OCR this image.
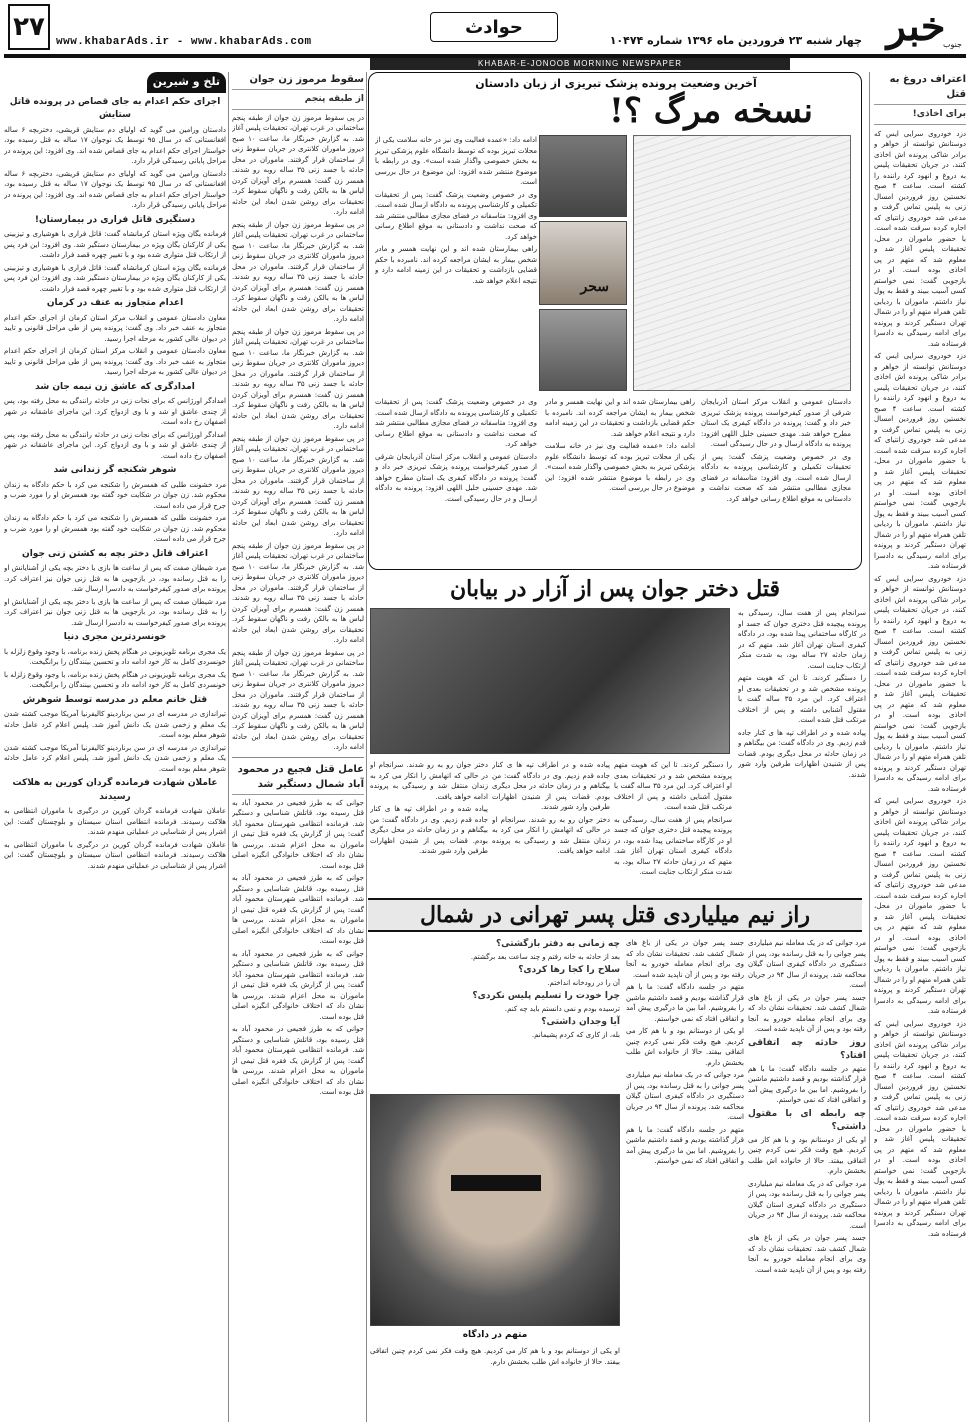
۲۷	www.khabarAds.ir - www.khabarAds.com
حوادث	خبر
جنوب
چهار شنبه ۲۳ فروردین ماه ۱۳۹۶ شماره ۱۰۴۷۴
KHABAR-E-JONOOB MORNING NEWSPAPER
اعتراف دروغ به قتل
برای اخاذی!

دزد خودروی سرایی ایس که دوستانش توانسته از خواهر و برادر شاکی پرونده اش اخاذی کنند، در جریان تحقیقات پلیس به دروغ و انهود کرد راننده را کشته است. ساعت ۴ صبح نخستین روز فروردین امسال زنی به پلیس تماس گرفت و مدعی شد خودروی زانتیای که اجاره کرده سرقت شده است. با حضور ماموران در محل، تحقیقات پلیس آغاز شد و معلوم شد که متهم در پی اخاذی بوده است. او در بازجویی گفت: نمی خواستم کسی آسیب ببیند و فقط به پول نیاز داشتم. ماموران با ردیابی تلفن همراه متهم او را در شمال تهران دستگیر کردند و پرونده برای ادامه رسیدگی به دادسرا فرستاده شد.

دزد خودروی سرایی ایس که دوستانش توانسته از خواهر و برادر شاکی پرونده اش اخاذی کنند، در جریان تحقیقات پلیس به دروغ و انهود کرد راننده را کشته است. ساعت ۴ صبح نخستین روز فروردین امسال زنی به پلیس تماس گرفت و مدعی شد خودروی زانتیای که اجاره کرده سرقت شده است. با حضور ماموران در محل، تحقیقات پلیس آغاز شد و معلوم شد که متهم در پی اخاذی بوده است. او در بازجویی گفت: نمی خواستم کسی آسیب ببیند و فقط به پول نیاز داشتم. ماموران با ردیابی تلفن همراه متهم او را در شمال تهران دستگیر کردند و پرونده برای ادامه رسیدگی به دادسرا فرستاده شد.

دزد خودروی سرایی ایس که دوستانش توانسته از خواهر و برادر شاکی پرونده اش اخاذی کنند، در جریان تحقیقات پلیس به دروغ و انهود کرد راننده را کشته است. ساعت ۴ صبح نخستین روز فروردین امسال زنی به پلیس تماس گرفت و مدعی شد خودروی زانتیای که اجاره کرده سرقت شده است. با حضور ماموران در محل، تحقیقات پلیس آغاز شد و معلوم شد که متهم در پی اخاذی بوده است. او در بازجویی گفت: نمی خواستم کسی آسیب ببیند و فقط به پول نیاز داشتم. ماموران با ردیابی تلفن همراه متهم او را در شمال تهران دستگیر کردند و پرونده برای ادامه رسیدگی به دادسرا فرستاده شد.

دزد خودروی سرایی ایس که دوستانش توانسته از خواهر و برادر شاکی پرونده اش اخاذی کنند، در جریان تحقیقات پلیس به دروغ و انهود کرد راننده را کشته است. ساعت ۴ صبح نخستین روز فروردین امسال زنی به پلیس تماس گرفت و مدعی شد خودروی زانتیای که اجاره کرده سرقت شده است. با حضور ماموران در محل، تحقیقات پلیس آغاز شد و معلوم شد که متهم در پی اخاذی بوده است. او در بازجویی گفت: نمی خواستم کسی آسیب ببیند و فقط به پول نیاز داشتم. ماموران با ردیابی تلفن همراه متهم او را در شمال تهران دستگیر کردند و پرونده برای ادامه رسیدگی به دادسرا فرستاده شد.

دزد خودروی سرایی ایس که دوستانش توانسته از خواهر و برادر شاکی پرونده اش اخاذی کنند، در جریان تحقیقات پلیس به دروغ و انهود کرد راننده را کشته است. ساعت ۴ صبح نخستین روز فروردین امسال زنی به پلیس تماس گرفت و مدعی شد خودروی زانتیای که اجاره کرده سرقت شده است. با حضور ماموران در محل، تحقیقات پلیس آغاز شد و معلوم شد که متهم در پی اخاذی بوده است. او در بازجویی گفت: نمی خواستم کسی آسیب ببیند و فقط به پول نیاز داشتم. ماموران با ردیابی تلفن همراه متهم او را در شمال تهران دستگیر کردند و پرونده برای ادامه رسیدگی به دادسرا فرستاده شد.

آخرین وضعیت پرونده پزشک تبریزی از زبان دادستان
نسخه مرگ ؟!
سحر

ادامه داد: «عمده فعالیت وی نیز در خانه سلامت یکی از محلات تبریز بوده که توسط دانشگاه علوم پزشکی تبریز به بخش خصوصی واگذار شده است». وی در رابطه با موضوع منتشر شده افزود: این موضوع در حال بررسی است.

وی در خصوص وضعیت پزشک گفت: پس از تحقیقات تکمیلی و کارشناسی پرونده به دادگاه ارسال شده است. وی افزود: متاسفانه در فضای مجازی مطالبی منتشر شد که صحت نداشت و دادستانی به موقع اطلاع رسانی خواهد کرد.

راهی بیمارستان شده اند و این نهایت همسر و مادر شخص بیمار به ایشان مراجعه کرده اند. نامبرده با حکم قضایی بازداشت و تحقیقات در این زمینه ادامه دارد و نتیجه اعلام خواهد شد.

دادستان عمومی و انقلاب مرکز استان آذربایجان شرقی از صدور کیفرخواست پرونده پزشک تبریزی خبر داد و گفت: پرونده در دادگاه کیفری یک استان مطرح خواهد شد. مهدی حسینی خلیل اللهی افزود: پرونده به دادگاه ارسال و در حال رسیدگی است.

وی در خصوص وضعیت پزشک گفت: پس از تحقیقات تکمیلی و کارشناسی پرونده به دادگاه ارسال شده است. وی افزود: متاسفانه در فضای مجازی مطالبی منتشر شد که صحت نداشت و دادستانی به موقع اطلاع رسانی خواهد کرد.

راهی بیمارستان شده اند و این نهایت همسر و مادر شخص بیمار به ایشان مراجعه کرده اند. نامبرده با حکم قضایی بازداشت و تحقیقات در این زمینه ادامه دارد و نتیجه اعلام خواهد شد.

ادامه داد: «عمده فعالیت وی نیز در خانه سلامت یکی از محلات تبریز بوده که توسط دانشگاه علوم پزشکی تبریز به بخش خصوصی واگذار شده است». وی در رابطه با موضوع منتشر شده افزود: این موضوع در حال بررسی است.

وی در خصوص وضعیت پزشک گفت: پس از تحقیقات تکمیلی و کارشناسی پرونده به دادگاه ارسال شده است. وی افزود: متاسفانه در فضای مجازی مطالبی منتشر شد که صحت نداشت و دادستانی به موقع اطلاع رسانی خواهد کرد.

دادستان عمومی و انقلاب مرکز استان آذربایجان شرقی از صدور کیفرخواست پرونده پزشک تبریزی خبر داد و گفت: پرونده در دادگاه کیفری یک استان مطرح خواهد شد. مهدی حسینی خلیل اللهی افزود: پرونده به دادگاه ارسال و در حال رسیدگی است.

قتل دختر جوان پس از آزار در بیابان

سرانجام پس از هفت سال، رسیدگی به پرونده پیچیده قتل دختری جوان که جسد او در کارگاه ساختمانی پیدا شده بود، در دادگاه کیفری استان تهران آغاز شد. متهم که در زمان حادثه ۲۷ ساله بود، به شدت منکر ارتکاب جنایت است.

را دستگیر کردند. تا این که هویت متهم پرونده مشخص شد و در تحقیقات بعدی او اعتراف کرد. این مرد ۳۵ ساله گفت با مقتول آشنایی داشته و پس از اختلاف مرتکب قتل شده است.

پیاده شده و در اطراف تپه ها ی کنار جاده قدم زدیم. وی در دادگاه گفت: من بیگناهم و در زمان حادثه در محل دیگری بودم. قضات پس از شنیدن اظهارات طرفین وارد شور شدند.

دختر جوان رو به رو شدند. سرانجام او در حالی که اتهامش را انکار می کرد به زندان منتقل شد و رسیدگی به پرونده ادامه خواهد یافت.

پیاده شده و در اطراف تپه ها ی کنار جاده قدم زدیم. وی در دادگاه گفت: من بیگناهم و در زمان حادثه در محل دیگری بودم. قضات پس از شنیدن اظهارات طرفین وارد شور شدند.

پیاده شده و در اطراف تپه ها ی کنار جاده قدم زدیم. وی در دادگاه گفت: من بیگناهم و در زمان حادثه در محل دیگری بودم. قضات پس از شنیدن اظهارات طرفین وارد شور شدند.

دختر جوان رو به رو شدند. سرانجام او در حالی که اتهامش را انکار می کرد به زندان منتقل شد و رسیدگی به پرونده ادامه خواهد یافت.

را دستگیر کردند. تا این که هویت متهم پرونده مشخص شد و در تحقیقات بعدی او اعتراف کرد. این مرد ۳۵ ساله گفت با مقتول آشنایی داشته و پس از اختلاف مرتکب قتل شده است.

سرانجام پس از هفت سال، رسیدگی به پرونده پیچیده قتل دختری جوان که جسد او در کارگاه ساختمانی پیدا شده بود، در دادگاه کیفری استان تهران آغاز شد. متهم که در زمان حادثه ۲۷ ساله بود، به شدت منکر ارتکاب جنایت است.

راز نیم میلیاردی قتل پسر تهرانی در شمال

مرد جوانی که در یک معامله نیم میلیاردی پسر جوانی را به قتل رسانده بود، پس از دستگیری در دادگاه کیفری استان گیلان محاکمه شد. پرونده از سال ۹۴ در جریان است.

جسد پسر جوان در یکی از باغ های شمال کشف شد. تحقیقات نشان داد که وی برای انجام معامله خودرو به آنجا رفته بود و پس از آن ناپدید شده است.

روز حادثه چه اتفاقی افتاد؟

متهم در جلسه دادگاه گفت: ما با هم قرار گذاشته بودیم و قصد داشتیم ماشین را بفروشیم. اما بین ما درگیری پیش آمد و اتفاقی افتاد که نمی خواستم.

چه رابطه ای با مقتول داشتی؟

او یکی از دوستانم بود و با هم کار می کردیم. هیچ وقت فکر نمی کردم چنین اتفاقی بیفتد. حالا از خانواده اش طلب بخشش دارم.

مرد جوانی که در یک معامله نیم میلیاردی پسر جوانی را به قتل رسانده بود، پس از دستگیری در دادگاه کیفری استان گیلان محاکمه شد. پرونده از سال ۹۴ در جریان است.

جسد پسر جوان در یکی از باغ های شمال کشف شد. تحقیقات نشان داد که وی برای انجام معامله خودرو به آنجا رفته بود و پس از آن ناپدید شده است.

جسد پسر جوان در یکی از باغ های شمال کشف شد. تحقیقات نشان داد که وی برای انجام معامله خودرو به آنجا رفته بود و پس از آن ناپدید شده است.

متهم در جلسه دادگاه گفت: ما با هم قرار گذاشته بودیم و قصد داشتیم ماشین را بفروشیم. اما بین ما درگیری پیش آمد و اتفاقی افتاد که نمی خواستم.

او یکی از دوستانم بود و با هم کار می کردیم. هیچ وقت فکر نمی کردم چنین اتفاقی بیفتد. حالا از خانواده اش طلب بخشش دارم.

مرد جوانی که در یک معامله نیم میلیاردی پسر جوانی را به قتل رسانده بود، پس از دستگیری در دادگاه کیفری استان گیلان محاکمه شد. پرونده از سال ۹۴ در جریان است.

متهم در جلسه دادگاه گفت: ما با هم قرار گذاشته بودیم و قصد داشتیم ماشین را بفروشیم. اما بین ما درگیری پیش آمد و اتفاقی افتاد که نمی خواستم.

چه زمانی به دفتر بازگشتی؟

بعد از حادثه به خانه رفتم و چند ساعت بعد برگشتم.

سلاح را کجا رها کردی؟

آن را در رودخانه انداختم.

چرا خودت را تسلیم پلیس نکردی؟

ترسیده بودم و نمی دانستم باید چه کنم.

آیا وجدان داشتی؟

بله، از کاری که کردم پشیمانم.

متهم در دادگاه

او یکی از دوستانم بود و با هم کار می کردیم. هیچ وقت فکر نمی کردم چنین اتفاقی بیفتد. حالا از خانواده اش طلب بخشش دارم.

سقوط مرموز زن جوان
از طبقه پنجم

در پی سقوط مرموز زن جوان از طبقه پنجم ساختمانی در غرب تهران، تحقیقات پلیس آغاز شد. به گزارش خبرنگار ما، ساعت ۱۰ صبح دیروز ماموران کلانتری در جریان سقوط زنی از ساختمان قرار گرفتند. ماموران در محل حادثه با جسد زنی ۳۵ ساله روبه رو شدند. همسر زن گفت: همسرم برای آویزان کردن لباس ها به بالکن رفت و ناگهان سقوط کرد. تحقیقات برای روشن شدن ابعاد این حادثه ادامه دارد.

در پی سقوط مرموز زن جوان از طبقه پنجم ساختمانی در غرب تهران، تحقیقات پلیس آغاز شد. به گزارش خبرنگار ما، ساعت ۱۰ صبح دیروز ماموران کلانتری در جریان سقوط زنی از ساختمان قرار گرفتند. ماموران در محل حادثه با جسد زنی ۳۵ ساله روبه رو شدند. همسر زن گفت: همسرم برای آویزان کردن لباس ها به بالکن رفت و ناگهان سقوط کرد. تحقیقات برای روشن شدن ابعاد این حادثه ادامه دارد.

در پی سقوط مرموز زن جوان از طبقه پنجم ساختمانی در غرب تهران، تحقیقات پلیس آغاز شد. به گزارش خبرنگار ما، ساعت ۱۰ صبح دیروز ماموران کلانتری در جریان سقوط زنی از ساختمان قرار گرفتند. ماموران در محل حادثه با جسد زنی ۳۵ ساله روبه رو شدند. همسر زن گفت: همسرم برای آویزان کردن لباس ها به بالکن رفت و ناگهان سقوط کرد. تحقیقات برای روشن شدن ابعاد این حادثه ادامه دارد.

در پی سقوط مرموز زن جوان از طبقه پنجم ساختمانی در غرب تهران، تحقیقات پلیس آغاز شد. به گزارش خبرنگار ما، ساعت ۱۰ صبح دیروز ماموران کلانتری در جریان سقوط زنی از ساختمان قرار گرفتند. ماموران در محل حادثه با جسد زنی ۳۵ ساله روبه رو شدند. همسر زن گفت: همسرم برای آویزان کردن لباس ها به بالکن رفت و ناگهان سقوط کرد. تحقیقات برای روشن شدن ابعاد این حادثه ادامه دارد.

در پی سقوط مرموز زن جوان از طبقه پنجم ساختمانی در غرب تهران، تحقیقات پلیس آغاز شد. به گزارش خبرنگار ما، ساعت ۱۰ صبح دیروز ماموران کلانتری در جریان سقوط زنی از ساختمان قرار گرفتند. ماموران در محل حادثه با جسد زنی ۳۵ ساله روبه رو شدند. همسر زن گفت: همسرم برای آویزان کردن لباس ها به بالکن رفت و ناگهان سقوط کرد. تحقیقات برای روشن شدن ابعاد این حادثه ادامه دارد.

در پی سقوط مرموز زن جوان از طبقه پنجم ساختمانی در غرب تهران، تحقیقات پلیس آغاز شد. به گزارش خبرنگار ما، ساعت ۱۰ صبح دیروز ماموران کلانتری در جریان سقوط زنی از ساختمان قرار گرفتند. ماموران در محل حادثه با جسد زنی ۳۵ ساله روبه رو شدند. همسر زن گفت: همسرم برای آویزان کردن لباس ها به بالکن رفت و ناگهان سقوط کرد. تحقیقات برای روشن شدن ابعاد این حادثه ادامه دارد.

عامل قتل فجیع در محمود آباد شمال دستگیر شد

جوانی که به طرز فجیعی در محمود آباد به قتل رسیده بود، قاتلش شناسایی و دستگیر شد. فرمانده انتظامی شهرستان محمود آباد گفت: پس از گزارش یک فقره قتل تیمی از ماموران به محل اعزام شدند. بررسی ها نشان داد که اختلاف خانوادگی انگیزه اصلی قتل بوده است.

جوانی که به طرز فجیعی در محمود آباد به قتل رسیده بود، قاتلش شناسایی و دستگیر شد. فرمانده انتظامی شهرستان محمود آباد گفت: پس از گزارش یک فقره قتل تیمی از ماموران به محل اعزام شدند. بررسی ها نشان داد که اختلاف خانوادگی انگیزه اصلی قتل بوده است.

جوانی که به طرز فجیعی در محمود آباد به قتل رسیده بود، قاتلش شناسایی و دستگیر شد. فرمانده انتظامی شهرستان محمود آباد گفت: پس از گزارش یک فقره قتل تیمی از ماموران به محل اعزام شدند. بررسی ها نشان داد که اختلاف خانوادگی انگیزه اصلی قتل بوده است.

جوانی که به طرز فجیعی در محمود آباد به قتل رسیده بود، قاتلش شناسایی و دستگیر شد. فرمانده انتظامی شهرستان محمود آباد گفت: پس از گزارش یک فقره قتل تیمی از ماموران به محل اعزام شدند. بررسی ها نشان داد که اختلاف خانوادگی انگیزه اصلی قتل بوده است.

تلخ و شیرین
اجرای حکم اعدام به جای قصاص در پرونده قاتل ستایش

دادستان ورامین می گوید که اولیای دم ستایش قریشی، دختربچه ۶ ساله افغانستانی که در سال ۹۵ توسط یک نوجوان ۱۷ ساله به قتل رسیده بود، خواستار اجرای حکم اعدام به جای قصاص شده اند. وی افزود: این پرونده در مراحل پایانی رسیدگی قرار دارد.

دادستان ورامین می گوید که اولیای دم ستایش قریشی، دختربچه ۶ ساله افغانستانی که در سال ۹۵ توسط یک نوجوان ۱۷ ساله به قتل رسیده بود، خواستار اجرای حکم اعدام به جای قصاص شده اند. وی افزود: این پرونده در مراحل پایانی رسیدگی قرار دارد.

دستگیری قاتل فراری در بیمارستان!

فرمانده یگان ویژه استان کرمانشاه گفت: قاتل فراری با هوشیاری و تیزبینی یکی از کارکنان یگان ویژه در بیمارستان دستگیر شد. وی افزود: این فرد پس از ارتکاب قتل متواری شده بود و با تغییر چهره قصد فرار داشت.

فرمانده یگان ویژه استان کرمانشاه گفت: قاتل فراری با هوشیاری و تیزبینی یکی از کارکنان یگان ویژه در بیمارستان دستگیر شد. وی افزود: این فرد پس از ارتکاب قتل متواری شده بود و با تغییر چهره قصد فرار داشت.

اعدام متجاوز به عنف در کرمان

معاون دادستان عمومی و انقلاب مرکز استان کرمان از اجرای حکم اعدام متجاوز به عنف خبر داد. وی گفت: پرونده پس از طی مراحل قانونی و تایید در دیوان عالی کشور به مرحله اجرا رسید.

معاون دادستان عمومی و انقلاب مرکز استان کرمان از اجرای حکم اعدام متجاوز به عنف خبر داد. وی گفت: پرونده پس از طی مراحل قانونی و تایید در دیوان عالی کشور به مرحله اجرا رسید.

امدادگری که عاشق زن نیمه جان شد

امدادگر اورژانس که برای نجات زنی در حادثه رانندگی به محل رفته بود، پس از چندی عاشق او شد و با وی ازدواج کرد. این ماجرای عاشقانه در شهر اصفهان رخ داده است.

امدادگر اورژانس که برای نجات زنی در حادثه رانندگی به محل رفته بود، پس از چندی عاشق او شد و با وی ازدواج کرد. این ماجرای عاشقانه در شهر اصفهان رخ داده است.

شوهر شکنجه گر زندانی شد

مرد خشونت طلبی که همسرش را شکنجه می کرد با حکم دادگاه به زندان محکوم شد. زن جوان در شکایت خود گفته بود همسرش او را مورد ضرب و جرح قرار می داده است.

مرد خشونت طلبی که همسرش را شکنجه می کرد با حکم دادگاه به زندان محکوم شد. زن جوان در شکایت خود گفته بود همسرش او را مورد ضرب و جرح قرار می داده است.

اعتراف قاتل دختر بچه به کشتن زنی جوان

مرد شیطان صفت که پس از ساعت ها بازی با دختر بچه یکی از آشنایانش او را به قتل رسانده بود، در بازجویی ها به قتل زنی جوان نیز اعتراف کرد. پرونده برای صدور کیفرخواست به دادسرا ارسال شد.

مرد شیطان صفت که پس از ساعت ها بازی با دختر بچه یکی از آشنایانش او را به قتل رسانده بود، در بازجویی ها به قتل زنی جوان نیز اعتراف کرد. پرونده برای صدور کیفرخواست به دادسرا ارسال شد.

خونسردترین مجری دنیا

یک مجری برنامه تلویزیونی در هنگام پخش زنده برنامه، با وجود وقوع زلزله با خونسردی کامل به کار خود ادامه داد و تحسین بینندگان را برانگیخت.

یک مجری برنامه تلویزیونی در هنگام پخش زنده برنامه، با وجود وقوع زلزله با خونسردی کامل به کار خود ادامه داد و تحسین بینندگان را برانگیخت.

قتل خانم معلم در مدرسه توسط شوهرش

تیراندازی در مدرسه ای در سن برناردینو کالیفرنیا آمریکا موجب کشته شدن یک معلم و زخمی شدن یک دانش آموز شد. پلیس اعلام کرد عامل حادثه شوهر معلم بوده است.

تیراندازی در مدرسه ای در سن برناردینو کالیفرنیا آمریکا موجب کشته شدن یک معلم و زخمی شدن یک دانش آموز شد. پلیس اعلام کرد عامل حادثه شوهر معلم بوده است.

عاملان شهادت فرمانده گردان کورین به هلاکت رسیدند

عاملان شهادت فرمانده گردان کورین در درگیری با ماموران انتظامی به هلاکت رسیدند. فرمانده انتظامی استان سیستان و بلوچستان گفت: این اشرار پس از شناسایی در عملیاتی منهدم شدند.

عاملان شهادت فرمانده گردان کورین در درگیری با ماموران انتظامی به هلاکت رسیدند. فرمانده انتظامی استان سیستان و بلوچستان گفت: این اشرار پس از شناسایی در عملیاتی منهدم شدند.
